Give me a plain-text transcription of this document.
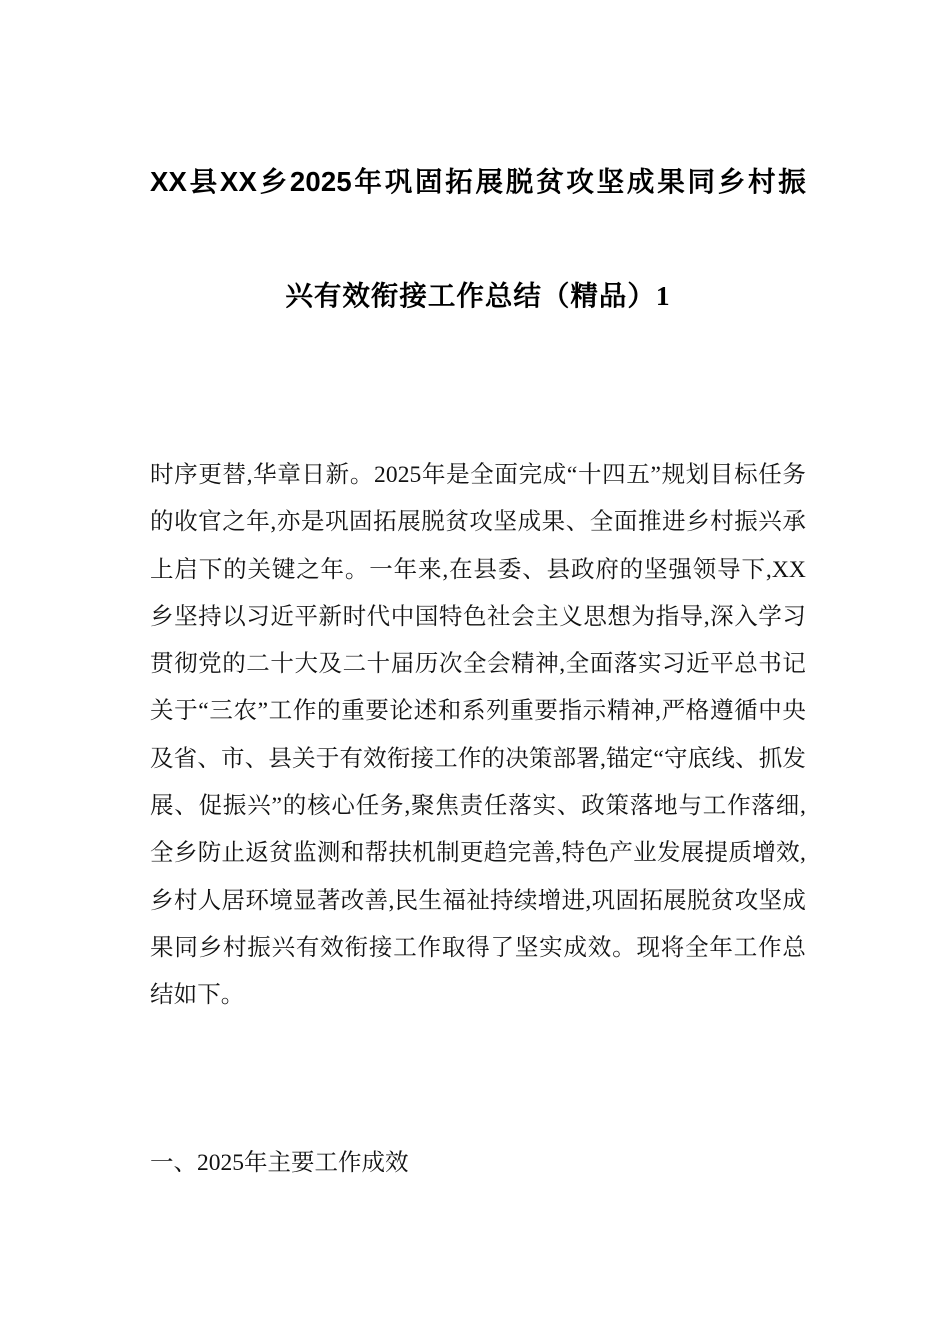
XX县XX乡2025年巩固拓展脱贫攻坚成果同乡村振
兴有效衔接工作总结（精品）1

时序更替,华章日新。2025年是全面完成“十四五”规划目标任务的收官之年,亦是巩固拓展脱贫攻坚成果、全面推进乡村振兴承上启下的关键之年。一年来,在县委、县政府的坚强领导下,XX乡坚持以习近平新时代中国特色社会主义思想为指导,深入学习贯彻党的二十大及二十届历次全会精神,全面落实习近平总书记关于“三农”工作的重要论述和系列重要指示精神,严格遵循中央及省、市、县关于有效衔接工作的决策部署,锚定“守底线、抓发展、促振兴”的核心任务,聚焦责任落实、政策落地与工作落细,全乡防止返贫监测和帮扶机制更趋完善,特色产业发展提质增效,乡村人居环境显著改善,民生福祉持续增进,巩固拓展脱贫攻坚成果同乡村振兴有效衔接工作取得了坚实成效。现将全年工作总结如下。

一、2025年主要工作成效
